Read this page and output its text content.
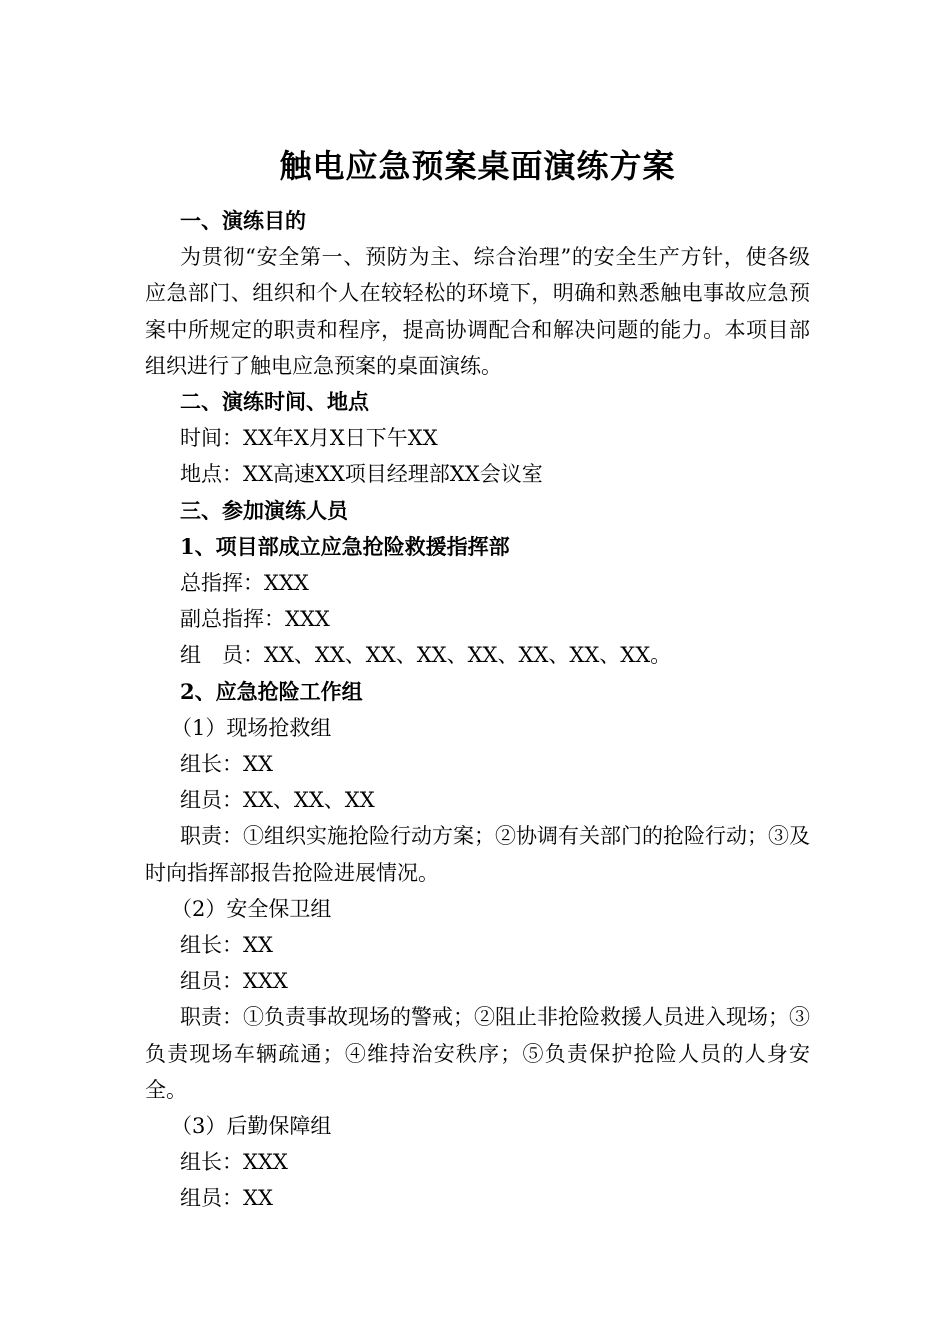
触电应急预案桌面演练方案

一、演练目的

为贯彻“安全第一、预防为主、综合治理”的安全生产方针，使各级应急部门、组织和个人在较轻松的环境下，明确和熟悉触电事故应急预案中所规定的职责和程序，提高协调配合和解决问题的能力。本项目部组织进行了触电应急预案的桌面演练。

二、演练时间、地点

时间：XX年X月X日下午XX

地点：XX高速XX项目经理部XX会议室

三、参加演练人员

1、项目部成立应急抢险救援指挥部

总指挥：XXX

副总指挥：XXX

组　员：XX、XX、XX、XX、XX、XX、XX、XX。

2、应急抢险工作组

（1）现场抢救组

组长：XX

组员：XX、XX、XX

职责：①组织实施抢险行动方案；②协调有关部门的抢险行动；③及时向指挥部报告抢险进展情况。

（2）安全保卫组

组长：XX

组员：XXX

职责：①负责事故现场的警戒；②阻止非抢险救援人员进入现场；③负责现场车辆疏通；④维持治安秩序；⑤负责保护抢险人员的人身安全。

（3）后勤保障组

组长：XXX

组员：XX
